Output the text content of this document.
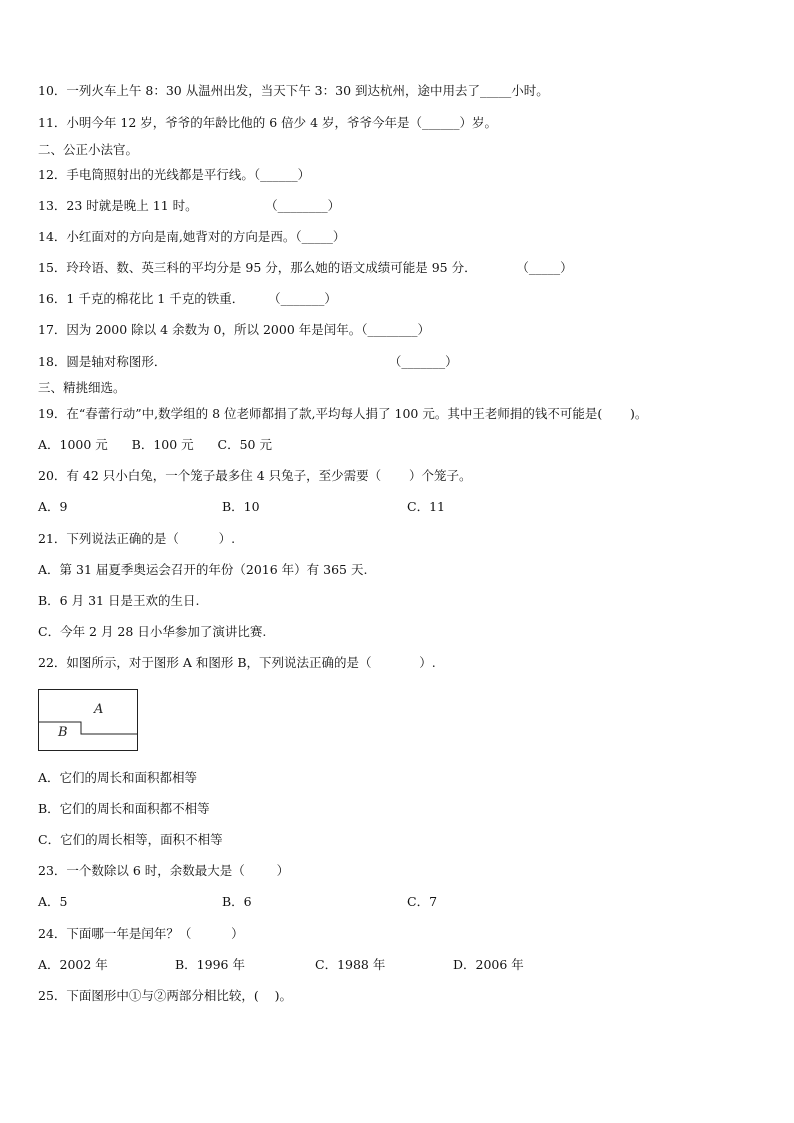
10．一列火车上午 8：30 从温州出发，当天下午 3：30 到达杭州，途中用去了_____小时。
11．小明今年 12 岁，爷爷的年龄比他的 6 倍少 4 岁，爷爷今年是（______）岁。
二、公正小法官。
12．手电筒照射出的光线都是平行线。（______）
13．23 时就是晚上 11 时。                 （________）
14．小红面对的方向是南,她背对的方向是西。（_____）
15．玲玲语、数、英三科的平均分是 95 分，那么她的语文成绩可能是 95 分．          （_____）
16．1 千克的棉花比 1 千克的铁重．      （_______）
17．因为 2000 除以 4 余数为 0，所以 2000 年是闰年。（________）
18．圆是轴对称图形．                                                        （_______）
三、精挑细选。
19．在“春蕾行动”中,数学组的 8 位老师都捐了款,平均每人捐了 100 元。其中王老师捐的钱不可能是(       )。
A．1000 元      B．100 元      C．50 元
20．有 42 只小白兔，一个笼子最多住 4 只兔子，至少需要（       ）个笼子。
A．9	B．10	C．11
21．下列说法正确的是（          ）.
A．第 31 届夏季奥运会召开的年份（2016 年）有 365 天.
B．6 月 31 日是王欢的生日.
C．今年 2 月 28 日小华参加了演讲比赛.
22．如图所示，对于图形 A 和图形 B，下列说法正确的是（            ）.
A
B
A．它们的周长和面积都相等
B．它们的周长和面积都不相等
C．它们的周长相等，面积不相等
23．一个数除以 6 时，余数最大是（        ）
A．5	B．6	C．7
24．下面哪一年是闰年？（          ）
A．2002 年	B．1996 年	C．1988 年	D．2006 年
25．下面图形中①与②两部分相比较，(    )。
